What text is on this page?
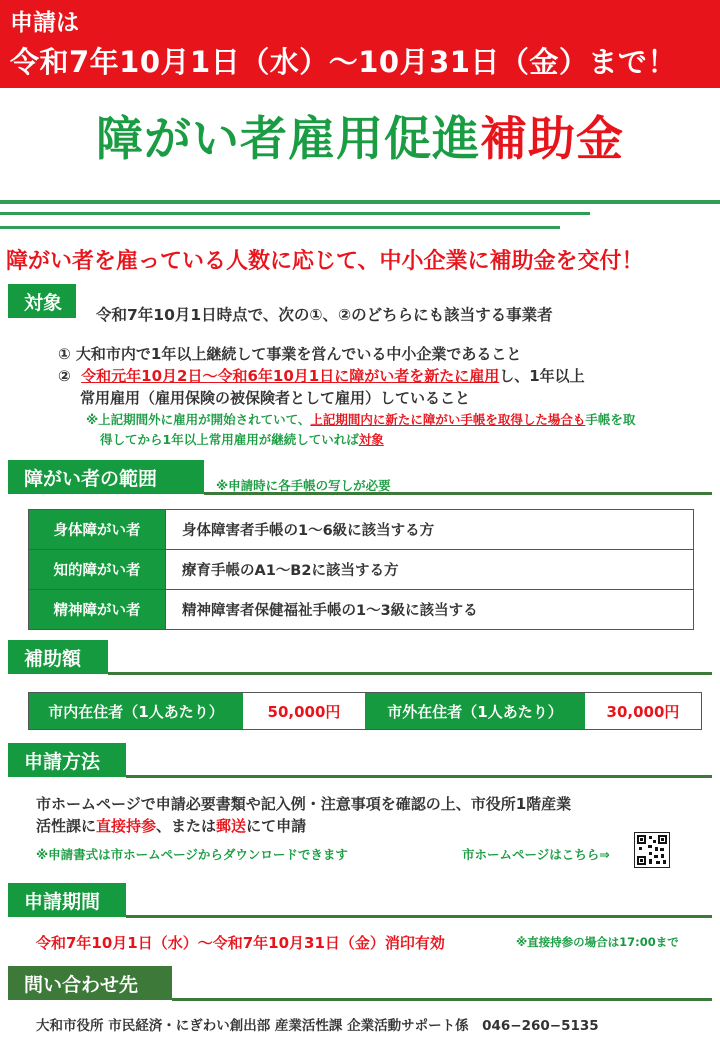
申請は
令和7年10月1日（水）～10月31日（金）まで！
障がい者雇用促進補助金
障がい者を雇っている人数に応じて、中小企業に補助金を交付！
対象
令和7年10月1日時点で、次の①、②のどちらにも該当する事業者
① 大和市内で1年以上継続して事業を営んでいる中小企業であること
② 令和元年10月2日～令和6年10月1日に障がい者を新たに雇用し、1年以上
常用雇用（雇用保険の被保険者として雇用）していること
※上記期間外に雇用が開始されていて、上記期間内に新たに障がい手帳を取得した場合も手帳を取
得してから1年以上常用雇用が継続していれば対象
障がい者の範囲	※申請時に各手帳の写しが必要
身体障がい者	身体障害者手帳の1～6級に該当する方
知的障がい者	療育手帳のA1～B2に該当する方
精神障がい者	精神障害者保健福祉手帳の1～3級に該当する
補助額
市内在住者（1人あたり）	50,000円	市外在住者（1人あたり）	30,000円
申請方法
市ホームページで申請必要書類や記入例・注意事項を確認の上、市役所1階産業
活性課に直接持参、または郵送にて申請
※申請書式は市ホームページからダウンロードできます	市ホームページはこちら⇒
申請期間
令和7年10月1日（水）～令和7年10月31日（金）消印有効	※直接持参の場合は17:00まで
問い合わせ先
大和市役所 市民経済・にぎわい創出部 産業活性課 企業活動サポート係　046−260−5135
